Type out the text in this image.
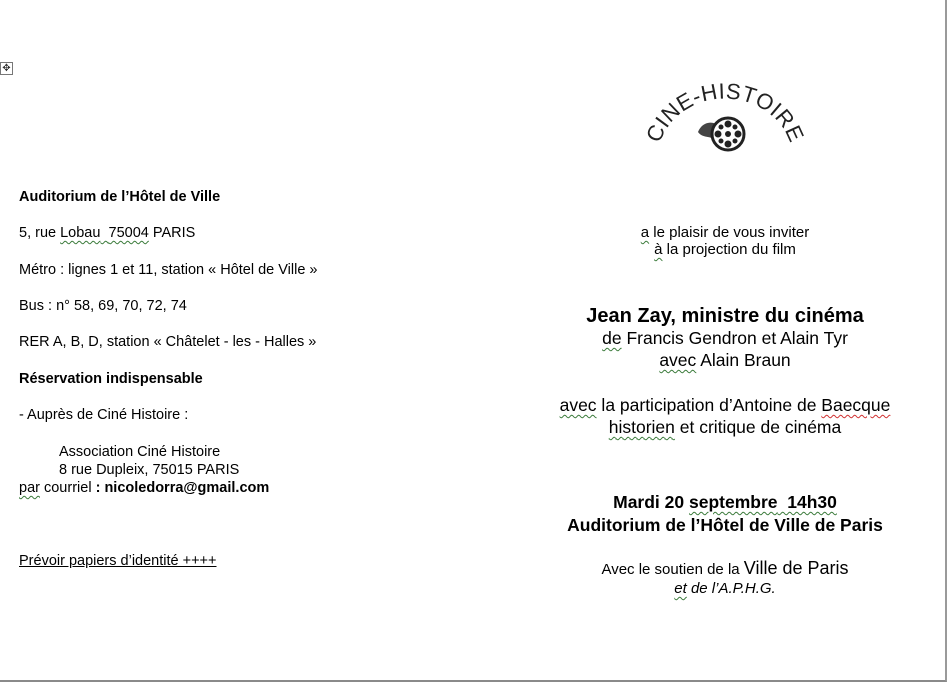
✥
Auditorium de l’Hôtel de Ville
5, rue Lobau 75004 PARIS
Métro : lignes 1 et 11, station « Hôtel de Ville »
Bus : n° 58, 69, 70, 72, 74
RER A, B, D, station « Châtelet - les - Halles »
Réservation indispensable
- Auprès de Ciné Histoire :
Association Ciné Histoire
8 rue Dupleix, 75015 PARIS
par courriel : nicoledorra@gmail.com
Prévoir papiers d’identité ++++
CINE-HISTOIRE
a le plaisir de vous inviter
à la projection du film
Jean Zay, ministre du cinéma
de Francis Gendron et Alain Tyr
avec Alain Braun
avec la participation d’Antoine de Baecque
historien et critique de cinéma
Mardi 20 septembre  14h30
Auditorium de l’Hôtel de Ville de Paris
Avec le soutien de la Ville de Paris
et de l’A.P.H.G.
